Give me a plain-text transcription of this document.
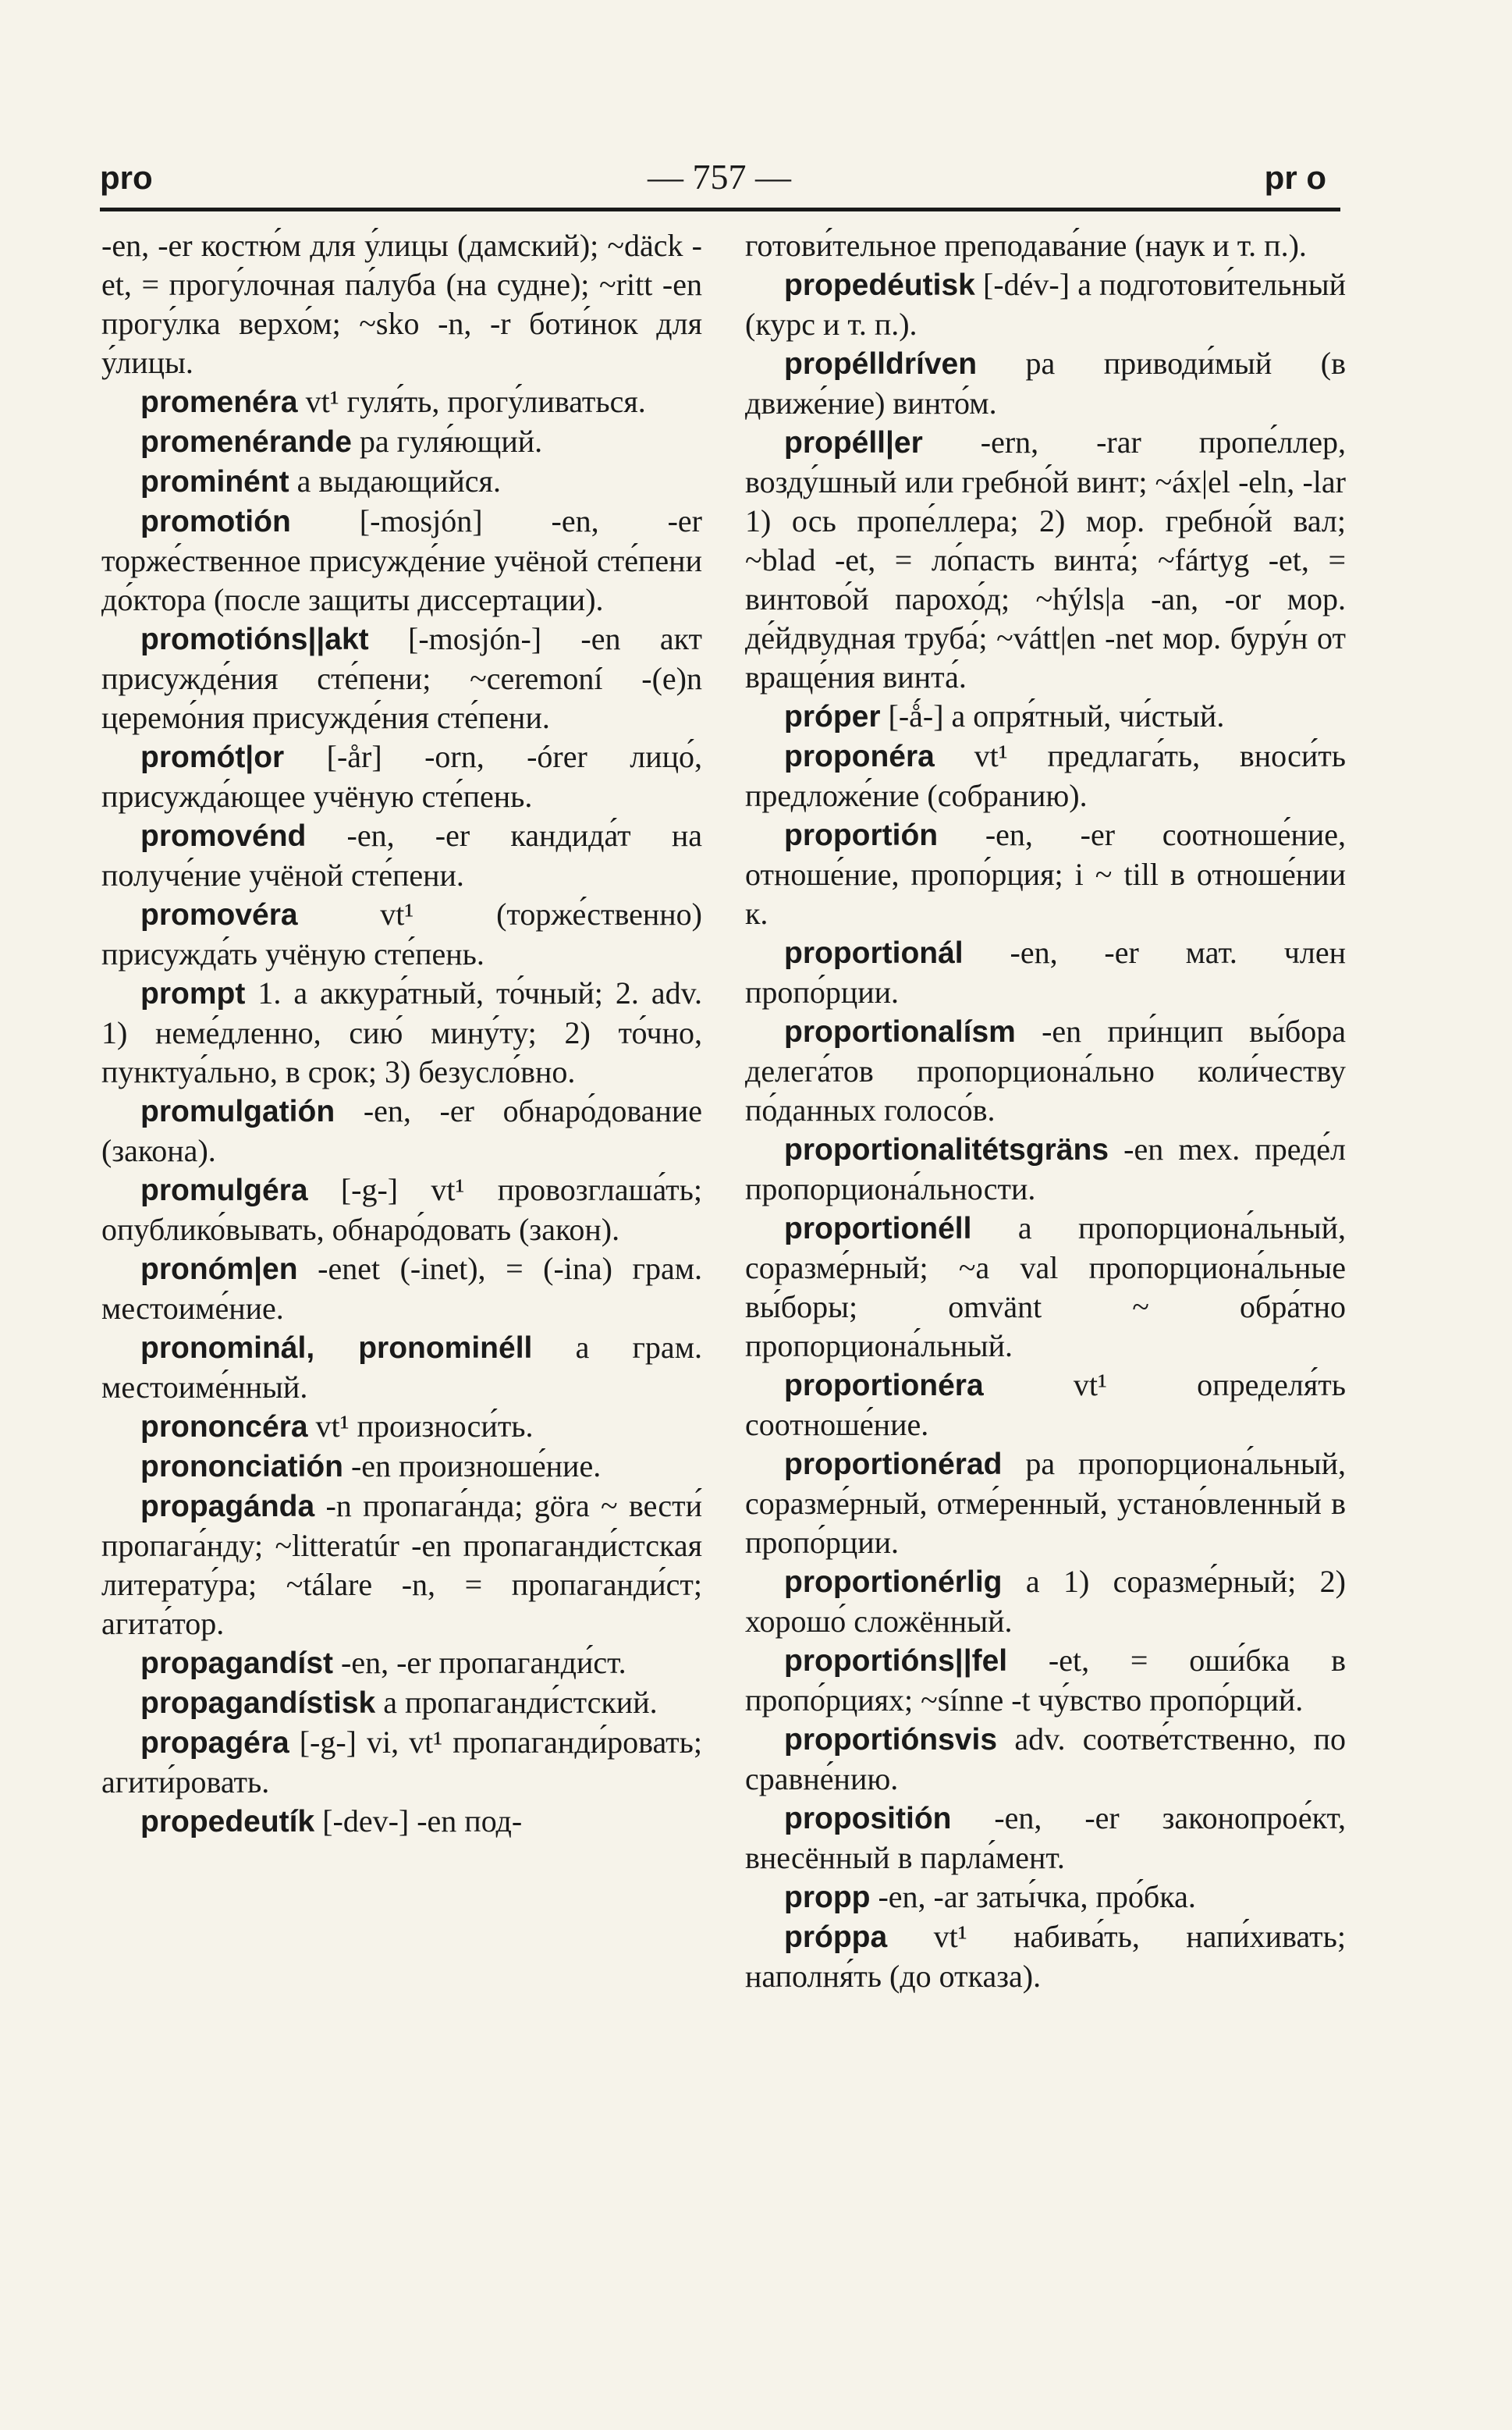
pro	— 757 —	pr o

-en, -er костю́м для у́лицы (дамский); ~däck -et, = прогу́лочная па́луба (на судне); ~ritt -en прогу́лка верхо́м; ~sko -n, -r боти́нок для у́лицы.

promenéra vt¹ гуля́ть, прогу́ливаться.

promenérande pa гуля́ющий.

prominént a выдающийся.

promotión [-mosjón] -en, -er торже́ственное присужде́ние учёной сте́пени до́ктора (после защиты диссертации).

promotións||akt [-mosjón-] -en акт присужде́ния сте́пени; ~ceremoní -(e)n церемо́ния присужде́ния сте́пени.

promót|or [-år] -orn, -órer лицо́, присужда́ющее учёную сте́пень.

promovénd -en, -er кандида́т на получе́ние учёной сте́пени.

promovéra	vt¹ (торже́ственно) присужда́ть учёную сте́пень.

prompt 1. a аккура́тный, то́чный; 2. adv. 1) неме́дленно, сию́ мину́ту; 2) то́чно, пунктуа́льно, в срок; 3) безусло́вно.

promulgatión -en, -er обнаро́дование (закона).

promulgéra [-g-] vt¹ провозглаша́ть; опублико́вывать, обнаро́довать (закон).

pronóm|en -enet (-inet), = (-ina) грам. местоиме́ние.

pronominál, pronominéll a грам. местоиме́нный.

prononcéra vt¹ произноси́ть.

prononciatión -en произноше́ние.

propagánda -n пропага́нда; göra ~ вести́ пропага́нду; ~litteratúr -en пропаганди́стская литерату́ра; ~tálare -n, = пропаганди́ст; агита́тор.

propagandíst -en, -er пропаганди́ст.

propagandístisk a пропаганди́стский.

propagéra [-g-] vi, vt¹ пропаганди́ровать; агити́ровать.

propedeutík [-dev-] -en под-

готови́тельное преподава́ние (наук и т. п.).

propedéutisk [-dév-] a подготови́тельный (курс и т. п.).

propélldríven pa приводи́мый (в движе́ние) винто́м.

propéll|er -ern, -rar пропе́ллер, возду́шный или гребно́й винт; ~áx|el -eln, -lar 1) ось пропе́ллера; 2) мор. гребно́й вал; ~blad -et, = ло́пасть винта́; ~fártyg -et, = винтово́й парохо́д; ~hýls|a -an, -or мор. де́йдвудная труба́; ~vátt|en -net мор. буру́н от враще́ния винта́.

próper [-ǻ-] a опря́тный, чи́стый.

proponéra vt¹ предлага́ть, вноси́ть предложе́ние (собранию).

proportión -en, -er соотноше́ние, отноше́ние, пропо́рция; i ~ till в отноше́нии к.

proportionál -en, -er мат. член пропо́рции.

proportionalísm -en при́нцип вы́бора делега́тов пропорциона́льно коли́честву по́данных голосо́в.

proportionalitétsgräns -en mex. преде́л пропорциона́льности.

proportionéll a пропорциона́льный, соразме́рный; ~a val пропорциона́льные вы́боры; omvänt ~ обра́тно пропорциона́льный.

proportionéra	vt¹ определя́ть соотноше́ние.

proportionérad pa пропорциона́льный, соразме́рный, отме́ренный, устано́вленный в пропо́рции.

proportionérlig a 1) соразме́рный; 2) хорошо́ сложённый.

proportións||fel -et, = оши́бка в пропо́рциях; ~sínne -t чу́вство пропо́рций.

proportiónsvis adv. соотве́тственно, по сравне́нию.

propositión -en, -er законопрое́кт, внесённый в парла́мент.

propp -en, -ar заты́чка, про́бка.

próppa vt¹ набива́ть, напи́хивать; наполня́ть (до отказа).
